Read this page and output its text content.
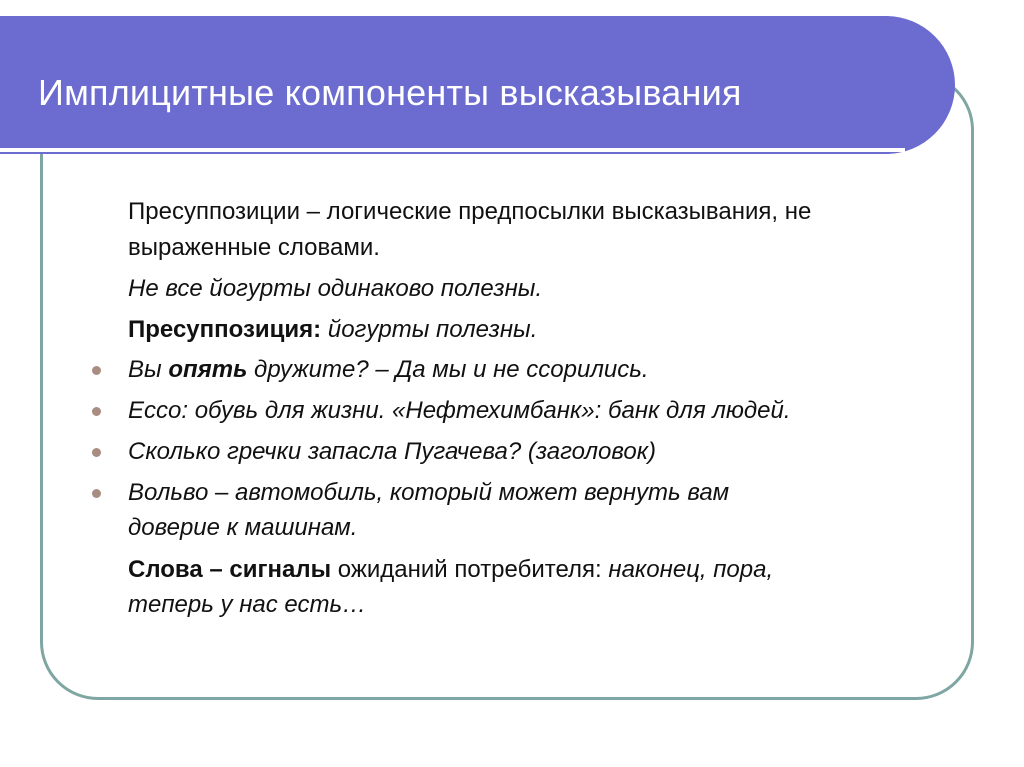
Имплицитные компоненты высказывания
Пресуппозиции – логические предпосылки высказывания, не
выраженные словами.
Не все йогурты одинаково полезны.
Пресуппозиция: йогурты полезны.
Вы опять дружите? – Да мы и не ссорились.
Ессо: обувь для жизни. «Нефтехимбанк»: банк для людей.
Сколько гречки запасла Пугачева? (заголовок)
Вольво – автомобиль, который может вернуть вам
доверие к машинам.
Слова – сигналы ожиданий потребителя: наконец, пора,
теперь у нас есть…
